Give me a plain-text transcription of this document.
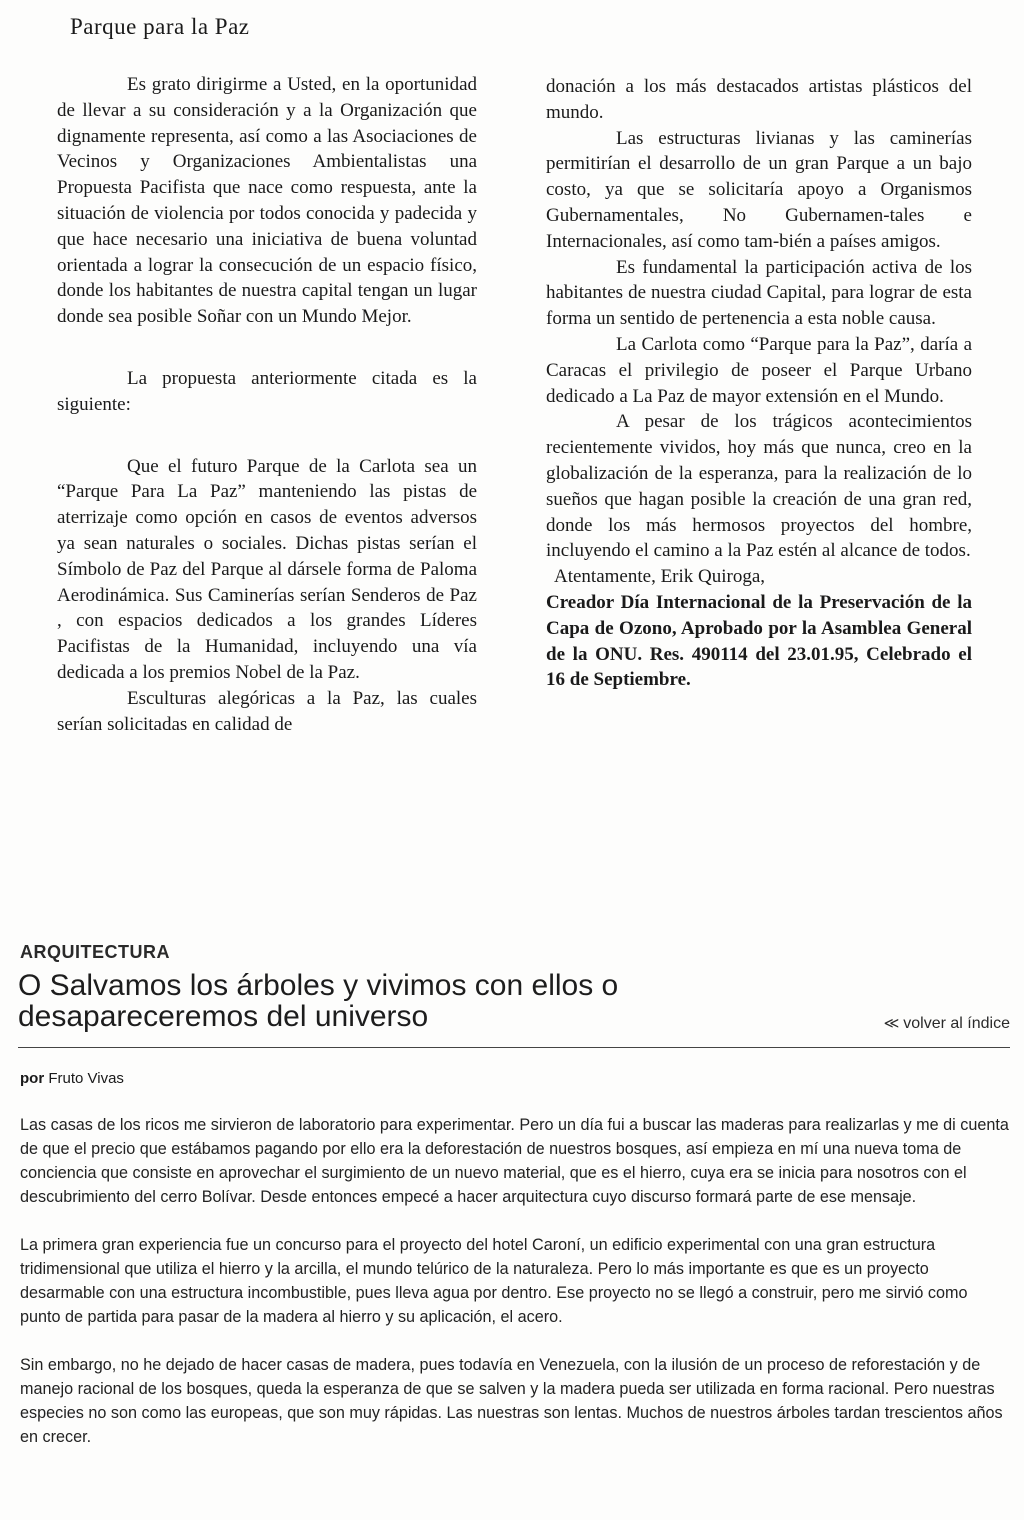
Parque para la Paz

Es grato dirigirme a Usted, en la oportunidad de llevar a su consideración y a la Organización que dignamente representa, así como a las Asociaciones de Vecinos y Organizaciones Ambientalistas una Propuesta Pacifista que nace como respuesta, ante la situación de violencia por todos conocida y padecida y que hace necesario una iniciativa de buena voluntad orientada a lograr la consecución de un espacio físico, donde los habitantes de nuestra capital tengan un lugar donde sea posible Soñar con un Mundo Mejor.

La propuesta anteriormente citada es la siguiente:

Que el futuro Parque de la Carlota sea un “Parque Para La Paz” manteniendo las pistas de aterrizaje como opción en casos de eventos adversos ya sean naturales o sociales. Dichas pistas serían el Símbolo de Paz del Parque al dársele forma de Paloma Aerodinámica. Sus Caminerías serían Senderos de Paz , con espacios dedicados a los grandes Líderes Pacifistas de la Humanidad, incluyendo una vía dedicada a los premios Nobel de la Paz.

Esculturas alegóricas a la Paz, las cuales serían solicitadas en calidad de

donación a los más destacados artistas plásticos del mundo.

Las estructuras livianas y las caminerías permitirían el desarrollo de un gran Parque a un bajo costo, ya que se solicitaría apoyo a Organismos Gubernamentales, No Gubernamen-tales e Internacionales, así como tam-bién a países amigos.

Es fundamental la participación activa de los habitantes de nuestra ciudad Capital, para lograr de esta forma un sentido de pertenencia a esta noble causa.

La Carlota como “Parque para la Paz”, daría a Caracas el privilegio de poseer el Parque Urbano dedicado a La Paz de mayor extensión en el Mundo.

A pesar de los trágicos acontecimientos recientemente vividos, hoy más que nunca, creo en la globalización de la esperanza, para la realización de lo sueños que hagan posible la creación de una gran red, donde los más hermosos proyectos del hombre, incluyendo el camino a la Paz estén al alcance de todos.

Atentamente, Erik Quiroga,

Creador Día Internacional de la Preservación de la Capa de Ozono, Aprobado por la Asamblea General de la ONU. Res. 490114 del 23.01.95, Celebrado el 16 de Septiembre.

ARQUITECTURA
O Salvamos los árboles y vivimos con ellos o desapareceremos del universo	≪ volver al índice
por Fruto Vivas

Las casas de los ricos me sirvieron de laboratorio para experimentar. Pero un día fui a buscar las maderas para realizarlas y me di cuenta de que el precio que estábamos pagando por ello era la deforestación de nuestros bosques, así empieza en mí una nueva toma de conciencia que consiste en aprovechar el surgimiento de un nuevo material, que es el hierro, cuya era se inicia para nosotros con el descubrimiento del cerro Bolívar. Desde entonces empecé a hacer arquitectura cuyo discurso formará parte de ese mensaje.

La primera gran experiencia fue un concurso para el proyecto del hotel Caroní, un edificio experimental con una gran estructura tridimensional que utiliza el hierro y la arcilla, el mundo telúrico de la naturaleza. Pero lo más importante es que es un proyecto desarmable con una estructura incombustible, pues lleva agua por dentro. Ese proyecto no se llegó a construir, pero me sirvió como punto de partida para pasar de la madera al hierro y su aplicación, el acero.

Sin embargo, no he dejado de hacer casas de madera, pues todavía en Venezuela, con la ilusión de un proceso de reforestación y de manejo racional de los bosques, queda la esperanza de que se salven y la madera pueda ser utilizada en forma racional. Pero nuestras especies no son como las europeas, que son muy rápidas. Las nuestras son lentas. Muchos de nuestros árboles tardan trescientos años en crecer.
